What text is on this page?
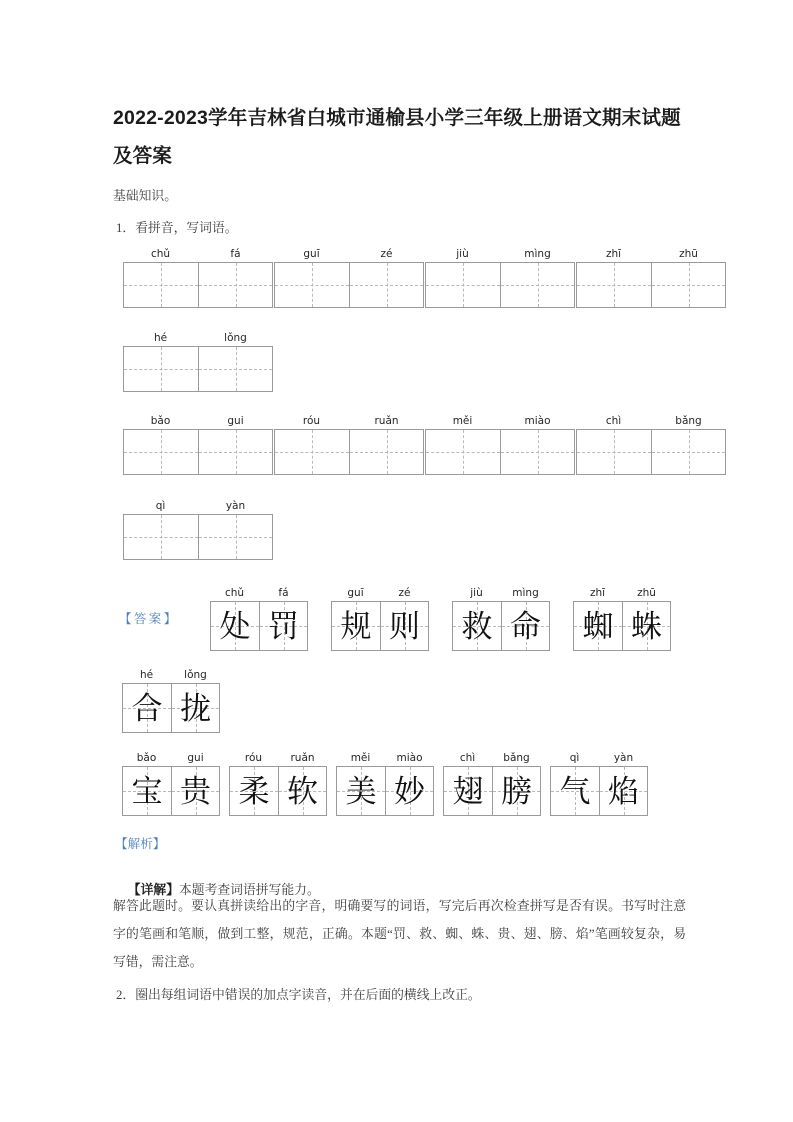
2022-2023学年吉林省白城市通榆县小学三年级上册语文期末试题及答案
基础知识。
1．看拼音，写词语。
chǔ	fá	guī	zé	jiù	mìng	zhī	zhū
hé	lǒng
bǎo	gui	róu	ruǎn	měi	miào	chì	bǎng
qì	yàn
【答案】
chǔ	fá
处 罚
guī	zé
规 则
jiù	mìng
救 命
zhī	zhū
蜘 蛛
hé	lǒng
合 拢
bǎo	gui
宝 贵
róu	ruǎn
柔 软
měi	miào
美 妙
chì	bǎng
翅 膀
qì	yàn
气 焰
【解析】

【详解】本题考查词语拼写能力。

解答此题时。要认真拼读给出的字音，明确要写的词语，写完后再次检查拼写是否有误。书写时注意字的笔画和笔顺，做到工整，规范，正确。本题“罚、救、蜘、蛛、贵、翅、膀、焰”笔画较复杂，易写错，需注意。
2．圈出每组词语中错误的加点字读音，并在后面的横线上改正。
